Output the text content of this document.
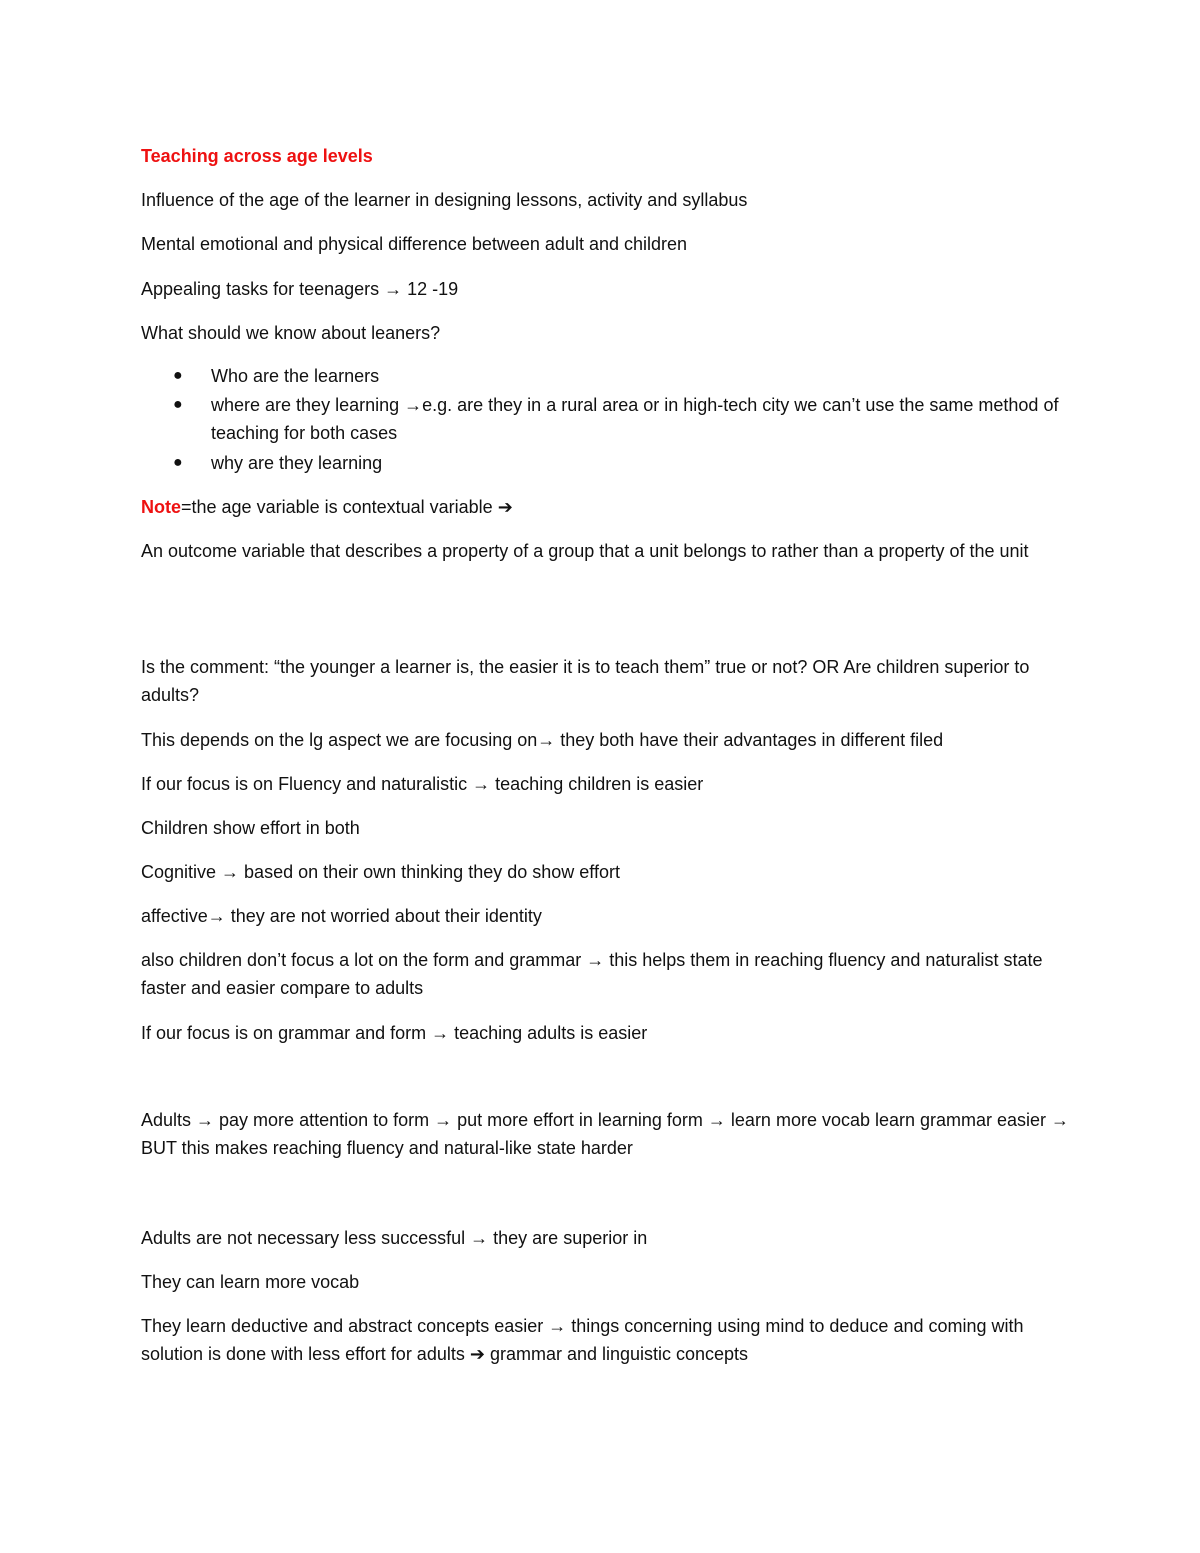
Teaching across age levels
Influence of the age of the learner in designing lessons, activity and syllabus
Mental emotional and physical difference between adult and children
Appealing tasks for teenagers → 12 -19
What should we know about leaners?
● Who are the learners
● where are they learning →e.g. are they in a rural area or in high-tech city we can’t use the same method of teaching for both cases
● why are they learning
Note=the age variable is contextual variable ➔
An outcome variable that describes a property of a group that a unit belongs to rather than a property of the unit
Is the comment: “the younger a learner is, the easier it is to teach them” true or not? OR Are children superior to adults?
This depends on the lg aspect we are focusing on→ they both have their advantages in different filed
If our focus is on Fluency and naturalistic → teaching children is easier
Children show effort in both
Cognitive → based on their own thinking they do show effort
affective→ they are not worried about their identity
also children don’t focus a lot on the form and grammar → this helps them in reaching fluency and naturalist state faster and easier compare to adults
If our focus is on grammar and form → teaching adults is easier
Adults → pay more attention to form → put more effort in learning form → learn more vocab learn grammar easier → BUT this makes reaching fluency and natural-like state harder
Adults are not necessary less successful → they are superior in
They can learn more vocab
They learn deductive and abstract concepts easier → things concerning using mind to deduce and coming with solution is done with less effort for adults ➔ grammar and linguistic concepts
